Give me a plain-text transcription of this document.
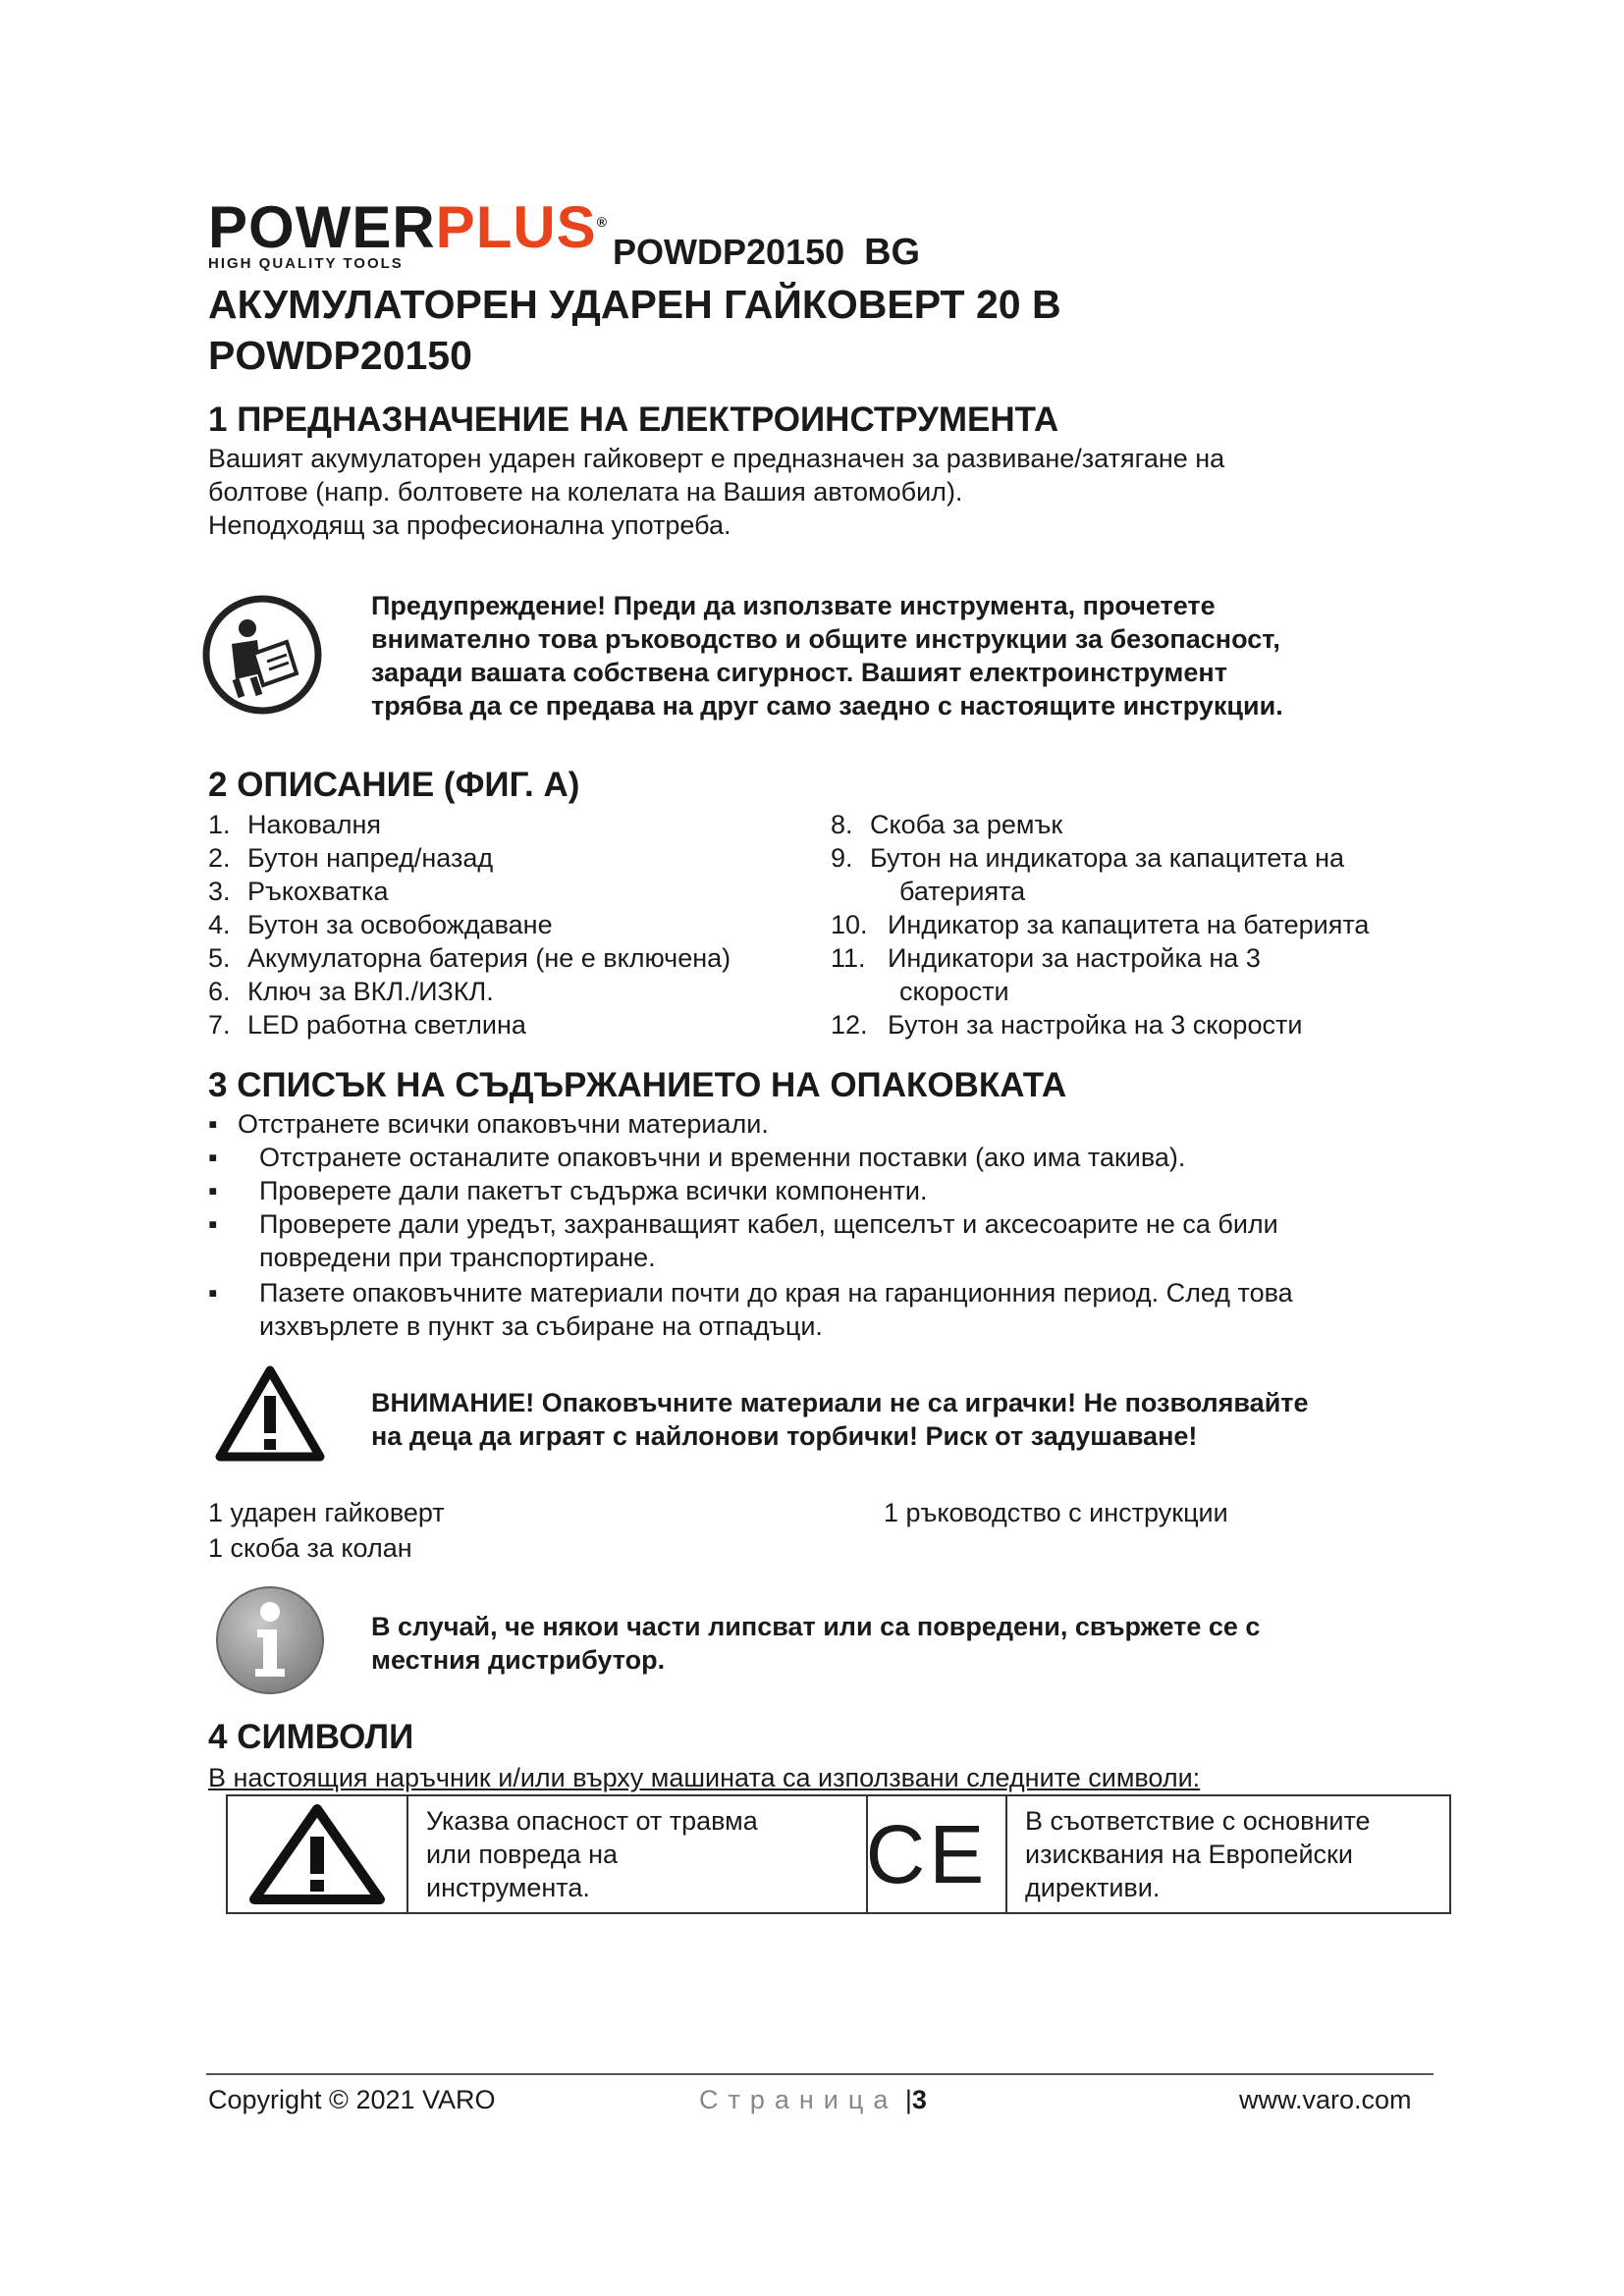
POWERPLUS®
HIGH QUALITY TOOLS	POWDP20150 BG
АКУМУЛАТОРЕН УДАРЕН ГАЙКОВЕРТ 20 В
POWDP20150
1 ПРЕДНАЗНАЧЕНИЕ НА ЕЛЕКТРОИНСТРУМЕНТА
Вашият акумулаторен ударен гайковерт е предназначен за развиване/затягане на
болтове (напр. болтовете на колелата на Вашия автомобил).
Неподходящ за професионална употреба.
Предупреждение! Преди да използвате инструмента, прочетете
внимателно това ръководство и общите инструкции за безопасност,
заради вашата собствена сигурност. Вашият електроинструмент
трябва да се предава на друг само заедно с настоящите инструкции.
2 ОПИСАНИЕ (ФИГ. А)
1. Наковалня
2. Бутон напред/назад
3. Ръкохватка
4. Бутон за освобождаване
5. Акумулаторна батерия (не е включена)
6. Ключ за ВКЛ./ИЗКЛ.
7. LED работна светлина
8. Скоба за ремък
9. Бутон на индикатора за капацитета на
батерията
10. Индикатор за капацитета на батерията
11. Индикатори за настройка на 3
скорости
12. Бутон за настройка на 3 скорости
3 СПИСЪК НА СЪДЪРЖАНИЕТО НА ОПАКОВКАТА
▪ Отстранете всички опаковъчни материали.
▪	Отстранете останалите опаковъчни и временни поставки (ако има такива).
▪	Проверете дали пакетът съдържа всички компоненти.
▪	Проверете дали уредът, захранващият кабел, щепселът и аксесоарите не са били
повредени при транспортиране.
▪	Пазете опаковъчните материали почти до края на гаранционния период. След това
изхвърлете в пункт за събиране на отпадъци.
ВНИМАНИЕ! Опаковъчните материали не са играчки! Не позволявайте
на деца да играят с найлонови торбички! Риск от задушаване!
1 ударен гайковерт	1 ръководство с инструкции
1 скоба за колан
В случай, че някои части липсват или са повредени, свържете се с
местния дистрибутор.
4 СИМВОЛИ
В настоящия наръчник и/или върху машината са използвани следните символи:
Указва опасност от травма
или повреда на
инструмента.	CE В съответствие с основните
изисквания на Европейски
директиви.
Copyright © 2021 VARO	Страница |3	www.varo.com
